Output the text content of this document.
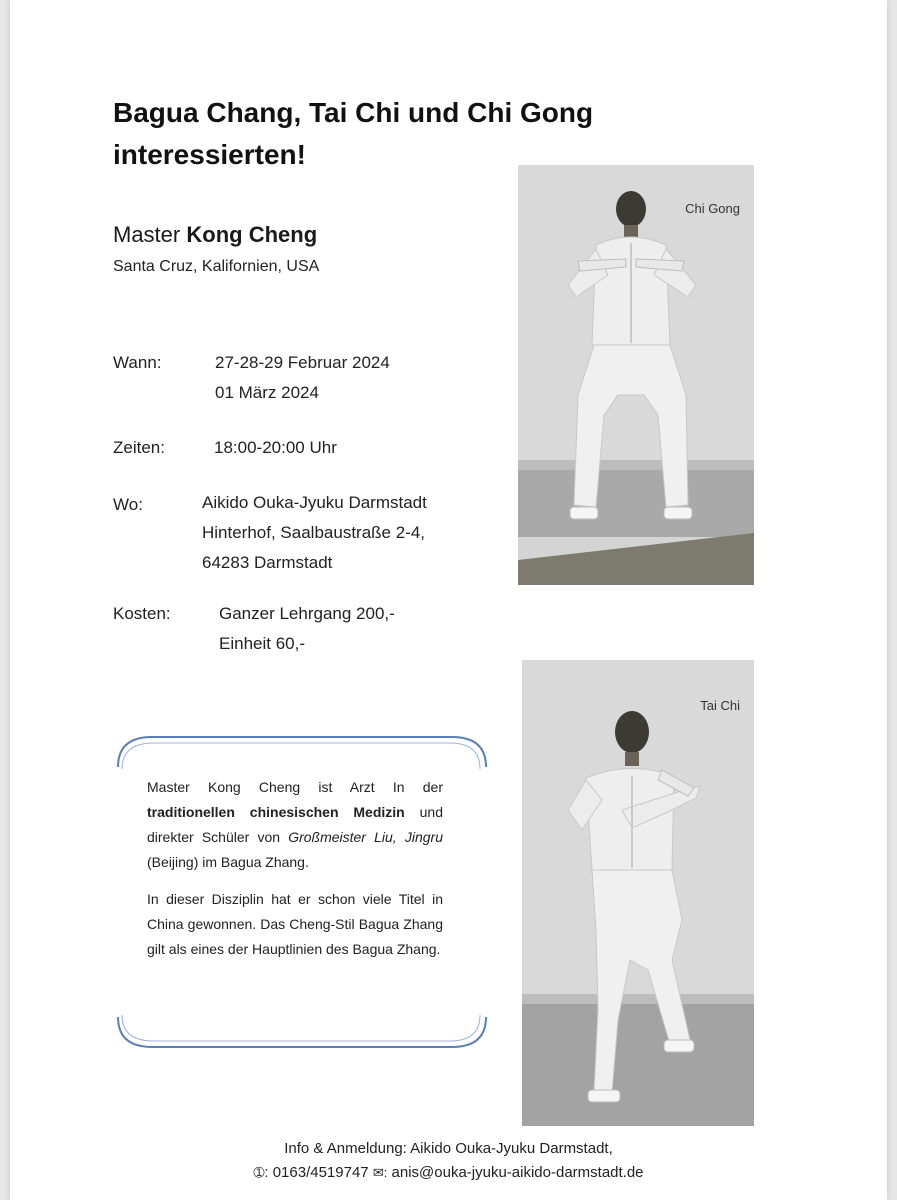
Bagua Chang, Tai Chi und Chi Gong
interessierten!
Master Kong Cheng
Santa Cruz, Kalifornien, USA
Wann:	27-28-29 Februar 2024
01 März 2024
Zeiten:	18:00-20:00 Uhr
Wo:	Aikido Ouka-Jyuku Darmstadt
Hinterhof, Saalbaustraße 2-4,
64283 Darmstadt
Kosten:	Ganzer Lehrgang 200,-
Einheit 60,-
Chi Gong
Tai Chi

Master Kong Cheng ist Arzt In der traditionellen chinesischen Medizin und direkter Schüler von Großmeister Liu, Jingru (Beijing) im Bagua Zhang.

In dieser Disziplin hat er schon viele Titel in China gewonnen. Das Cheng-Stil Bagua Zhang gilt als eines der Hauptlinien des Bagua Zhang.

Info & Anmeldung: Aikido Ouka-Jyuku Darmstadt,
➀: 0163/4519747 ✉: anis@ouka-jyuku-aikido-darmstadt.de
